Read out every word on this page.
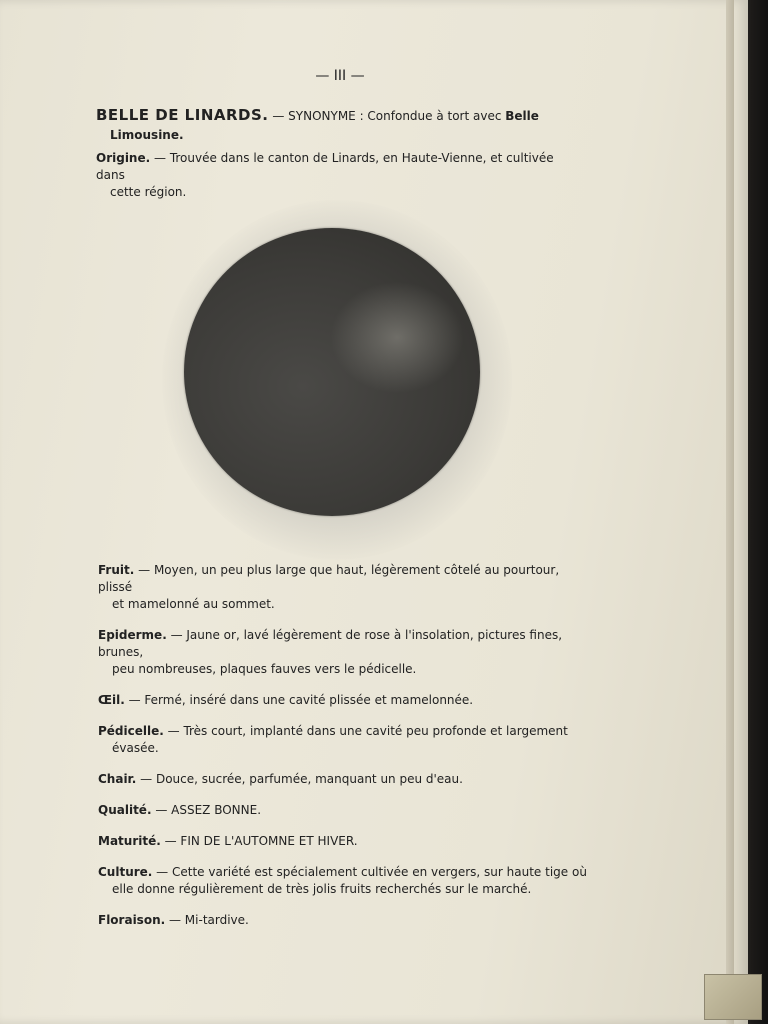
— III —
BELLE DE LINARDS. — SYNONYME : Confondue à tort avec Belle
Limousine.
Origine. — Trouvée dans le canton de Linards, en Haute-Vienne, et cultivée dans
cette région.
Fruit. — Moyen, un peu plus large que haut, légèrement côtelé au pourtour, plissé
et mamelonné au sommet.
Epiderme. — Jaune or, lavé légèrement de rose à l'insolation, pictures fines, brunes,
peu nombreuses, plaques fauves vers le pédicelle.
Œil. — Fermé, inséré dans une cavité plissée et mamelonnée.
Pédicelle. — Très court, implanté dans une cavité peu profonde et largement
évasée.
Chair. — Douce, sucrée, parfumée, manquant un peu d'eau.
Qualité. — ASSEZ BONNE.
Maturité. — FIN DE L'AUTOMNE ET HIVER.
Culture. — Cette variété est spécialement cultivée en vergers, sur haute tige où
elle donne régulièrement de très jolis fruits recherchés sur le marché.
Floraison. — Mi-tardive.
